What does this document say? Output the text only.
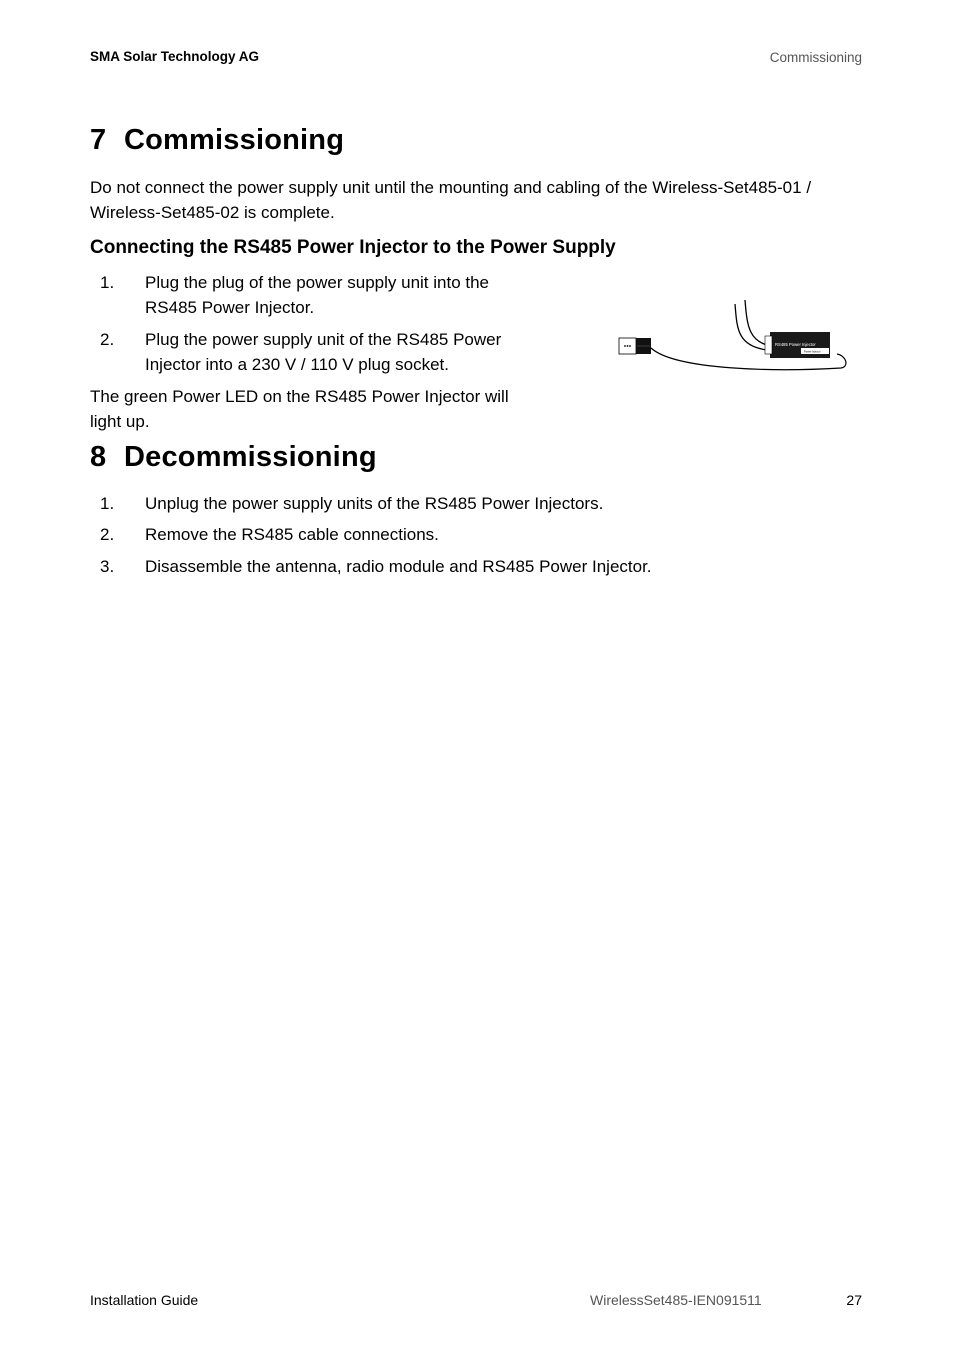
SMA Solar Technology AG	Commissioning
7 Commissioning
Do not connect the power supply unit until the mounting and cabling of the Wireless-Set485-01 / Wireless-Set485-02 is complete.
Connecting the RS485 Power Injector to the Power Supply
1. Plug the plug of the power supply unit into the
RS485 Power Injector.
2. Plug the power supply unit of the RS485 Power
Injector into a 230 V / 110 V plug socket.
The green Power LED on the RS485 Power Injector will
light up.
RS485 Power Injector
Power Injector
8 Decommissioning
1. Unplug the power supply units of the RS485 Power Injectors.
2. Remove the RS485 cable connections.
3. Disassemble the antenna, radio module and RS485 Power Injector.
Installation Guide	WirelessSet485-IEN091511	27
